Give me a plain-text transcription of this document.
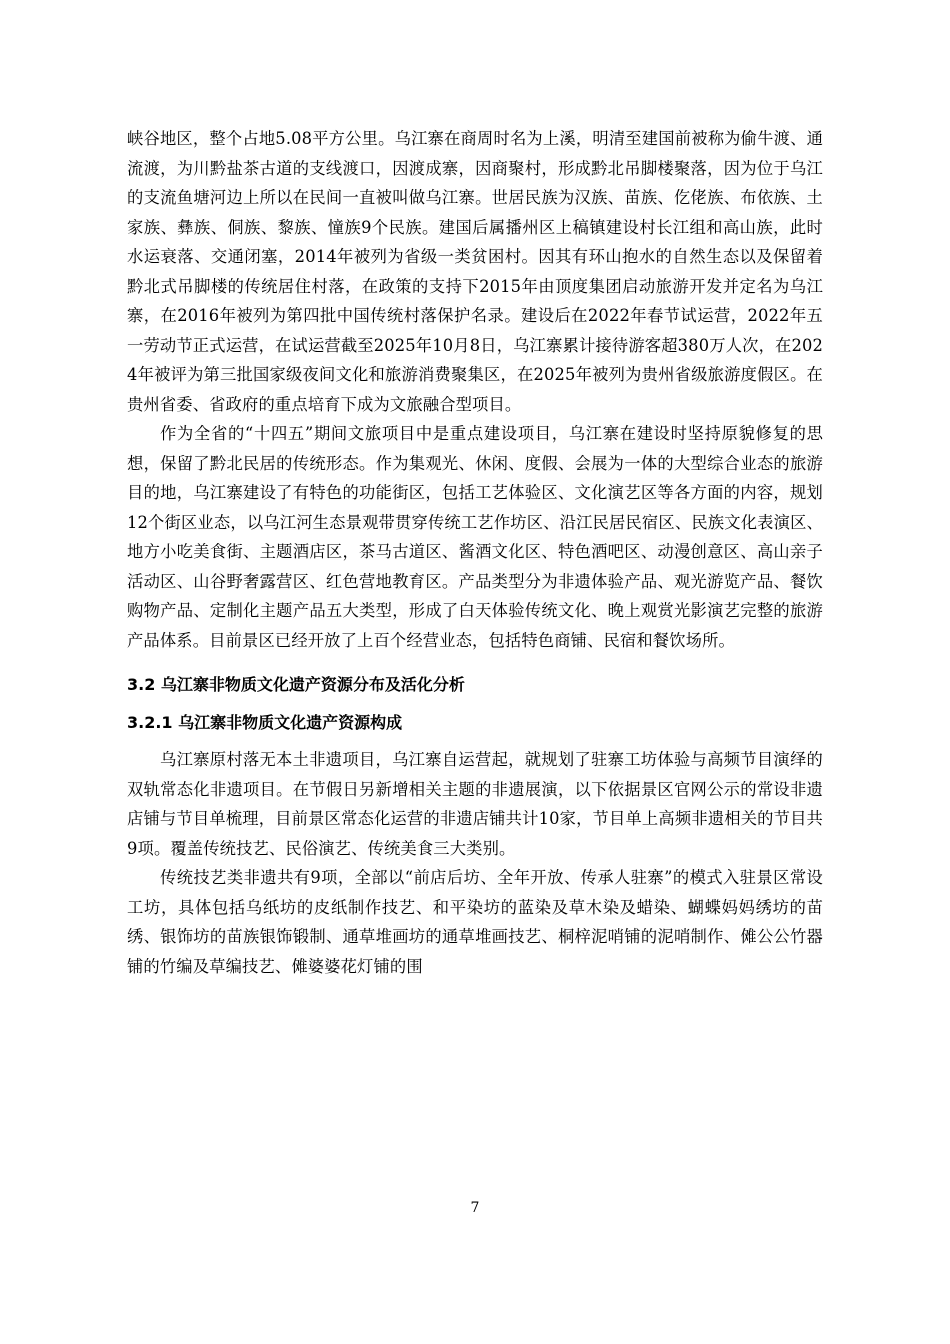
峡谷地区，整个占地5.08平方公里。乌江寨在商周时名为上溪，明清至建国前被称为偷牛渡、通流渡，为川黔盐茶古道的支线渡口，因渡成寨，因商聚村，形成黔北吊脚楼聚落，因为位于乌江的支流鱼塘河边上所以在民间一直被叫做乌江寨。世居民族为汉族、苗族、仡佬族、布依族、土家族、彝族、侗族、黎族、憧族9个民族。建国后属播州区上稿镇建设村长江组和高山族，此时水运衰落、交通闭塞，2014年被列为省级一类贫困村。因其有环山抱水的自然生态以及保留着黔北式吊脚楼的传统居住村落，在政策的支持下2015年由顶度集团启动旅游开发并定名为乌江寨，在2016年被列为第四批中国传统村落保护名录。建设后在2022年春节试运营，2022年五一劳动节正式运营，在试运营截至2025年10月8日，乌江寨累计接待游客超380万人次，在2024年被评为第三批国家级夜间文化和旅游消费聚集区，在2025年被列为贵州省级旅游度假区。在贵州省委、省政府的重点培育下成为文旅融合型项目。

作为全省的“十四五”期间文旅项目中是重点建设项目，乌江寨在建设时坚持原貌修复的思想，保留了黔北民居的传统形态。作为集观光、休闲、度假、会展为一体的大型综合业态的旅游目的地，乌江寨建设了有特色的功能街区，包括工艺体验区、文化演艺区等各方面的内容，规划12个街区业态，以乌江河生态景观带贯穿传统工艺作坊区、沿江民居民宿区、民族文化表演区、地方小吃美食街、主题酒店区，茶马古道区、酱酒文化区、特色酒吧区、动漫创意区、高山亲子活动区、山谷野奢露营区、红色营地教育区。产品类型分为非遗体验产品、观光游览产品、餐饮购物产品、定制化主题产品五大类型，形成了白天体验传统文化、晚上观赏光影演艺完整的旅游产品体系。目前景区已经开放了上百个经营业态，包括特色商铺、民宿和餐饮场所。

3.2 乌江寨非物质文化遗产资源分布及活化分析
3.2.1 乌江寨非物质文化遗产资源构成

乌江寨原村落无本土非遗项目，乌江寨自运营起，就规划了驻寨工坊体验与高频节目演绎的双轨常态化非遗项目。在节假日另新增相关主题的非遗展演，以下依据景区官网公示的常设非遗店铺与节目单梳理，目前景区常态化运营的非遗店铺共计10家，节目单上高频非遗相关的节目共9项。覆盖传统技艺、民俗演艺、传统美食三大类别。

传统技艺类非遗共有9项，全部以“前店后坊、全年开放、传承人驻寨”的模式入驻景区常设工坊，具体包括乌纸坊的皮纸制作技艺、和平染坊的蓝染及草木染及蜡染、蝴蝶妈妈绣坊的苗绣、银饰坊的苗族银饰锻制、通草堆画坊的通草堆画技艺、桐梓泥哨铺的泥哨制作、傩公公竹器铺的竹编及草编技艺、傩婆婆花灯铺的围

7
